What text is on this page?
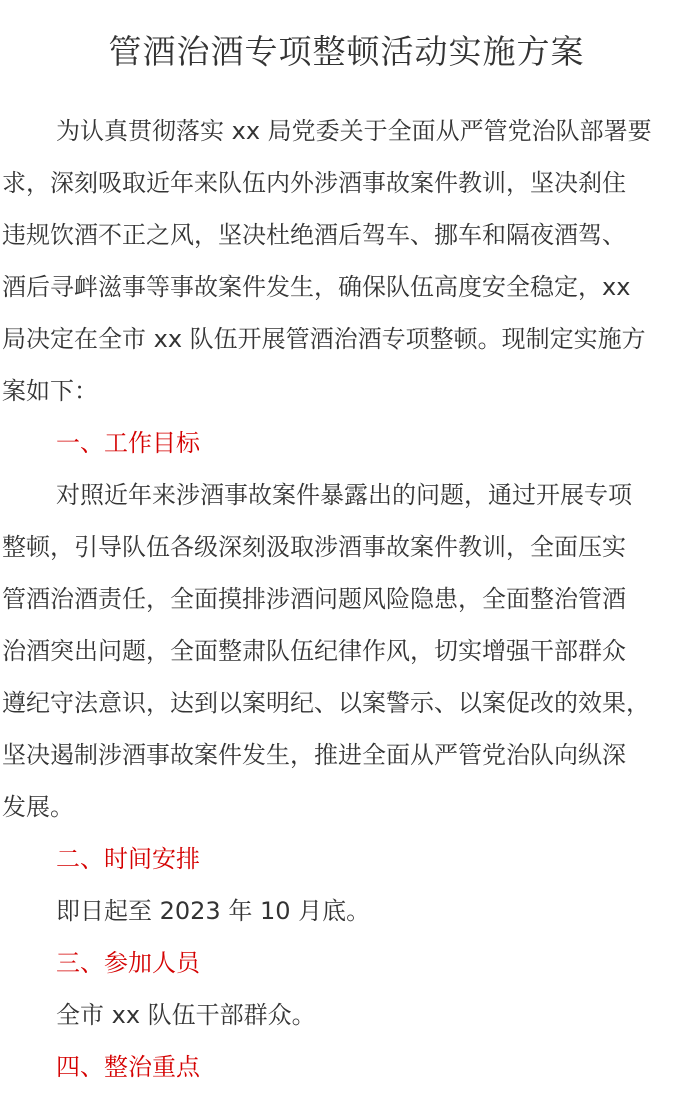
管酒治酒专项整顿活动实施方案
为认真贯彻落实 xx 局党委关于全面从严管党治队部署要
求，深刻吸取近年来队伍内外涉酒事故案件教训，坚决刹住
违规饮酒不正之风，坚决杜绝酒后驾车、挪车和隔夜酒驾、
酒后寻衅滋事等事故案件发生，确保队伍高度安全稳定，xx
局决定在全市 xx 队伍开展管酒治酒专项整顿。现制定实施方
案如下：
一、工作目标
对照近年来涉酒事故案件暴露出的问题，通过开展专项
整顿，引导队伍各级深刻汲取涉酒事故案件教训，全面压实
管酒治酒责任，全面摸排涉酒问题风险隐患，全面整治管酒
治酒突出问题，全面整肃队伍纪律作风，切实增强干部群众
遵纪守法意识，达到以案明纪、以案警示、以案促改的效果，
坚决遏制涉酒事故案件发生，推进全面从严管党治队向纵深
发展。
二、时间安排
即日起至 2023 年 10 月底。
三、参加人员
全市 xx 队伍干部群众。
四、整治重点
